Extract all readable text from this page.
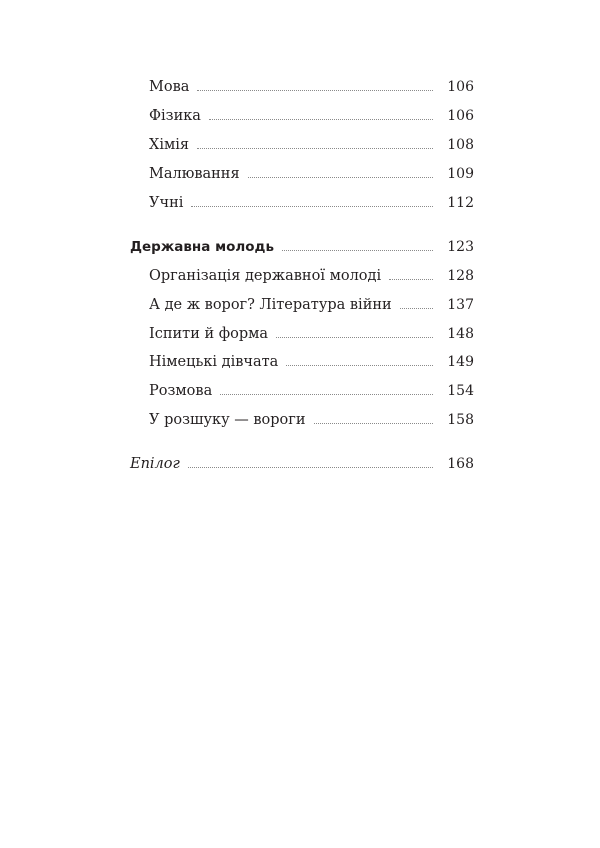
Мова	106
Фізика	106
Хімія	108
Малювання	109
Учні	112
Державна молодь	123
Організація державної молоді	128
А де ж ворог? Література війни	137
Іспити й форма	148
Німецькі дівчата	149
Розмова	154
У розшуку — вороги	158
Епілог	168
